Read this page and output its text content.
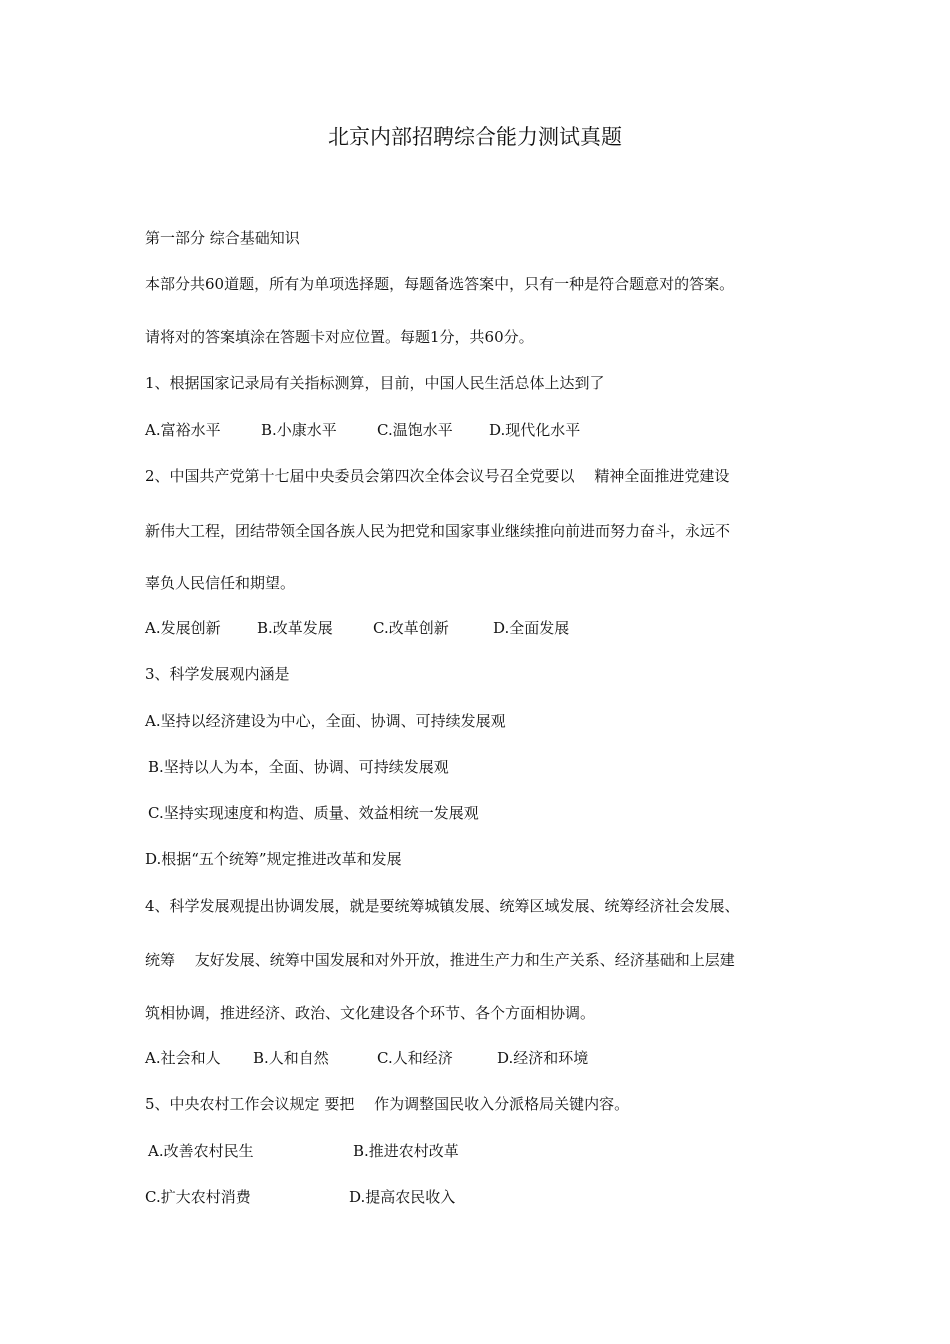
北京内部招聘综合能力测试真题
第一部分 综合基础知识
本部分共60道题，所有为单项选择题，每题备选答案中，只有一种是符合题意对的答案。
请将对的答案填涂在答题卡对应位置。每题1分，共60分。
1、根据国家记录局有关指标测算，目前，中国人民生活总体上达到了
A.富裕水平	B.小康水平	C.温饱水平 D.现代化水平
2、中国共产党第十七届中央委员会第四次全体会议号召全党要以　 精神全面推进党建设
新伟大工程，团结带领全国各族人民为把党和国家事业继续推向前进而努力奋斗，永远不
辜负人民信任和期望。
A.发展创新 B.改革发展	C.改革创新	D.全面发展
3、科学发展观内涵是
A.坚持以经济建设为中心，全面、协调、可持续发展观
B.坚持以人为本，全面、协调、可持续发展观
C.坚持实现速度和构造、质量、效益相统一发展观
D.根据“五个统筹”规定推进改革和发展
4、科学发展观提出协调发展，就是要统筹城镇发展、统筹区域发展、统筹经济社会发展、
统筹　 友好发展、统筹中国发展和对外开放，推进生产力和生产关系、经济基础和上层建
筑相协调，推进经济、政治、文化建设各个环节、各个方面相协调。
A.社会和人 B.人和自然	C.人和经济	D.经济和环境
5、中央农村工作会议规定 要把　 作为调整国民收入分派格局关键内容。
A.改善农村民生	B.推进农村改革
C.扩大农村消费	D.提高农民收入
